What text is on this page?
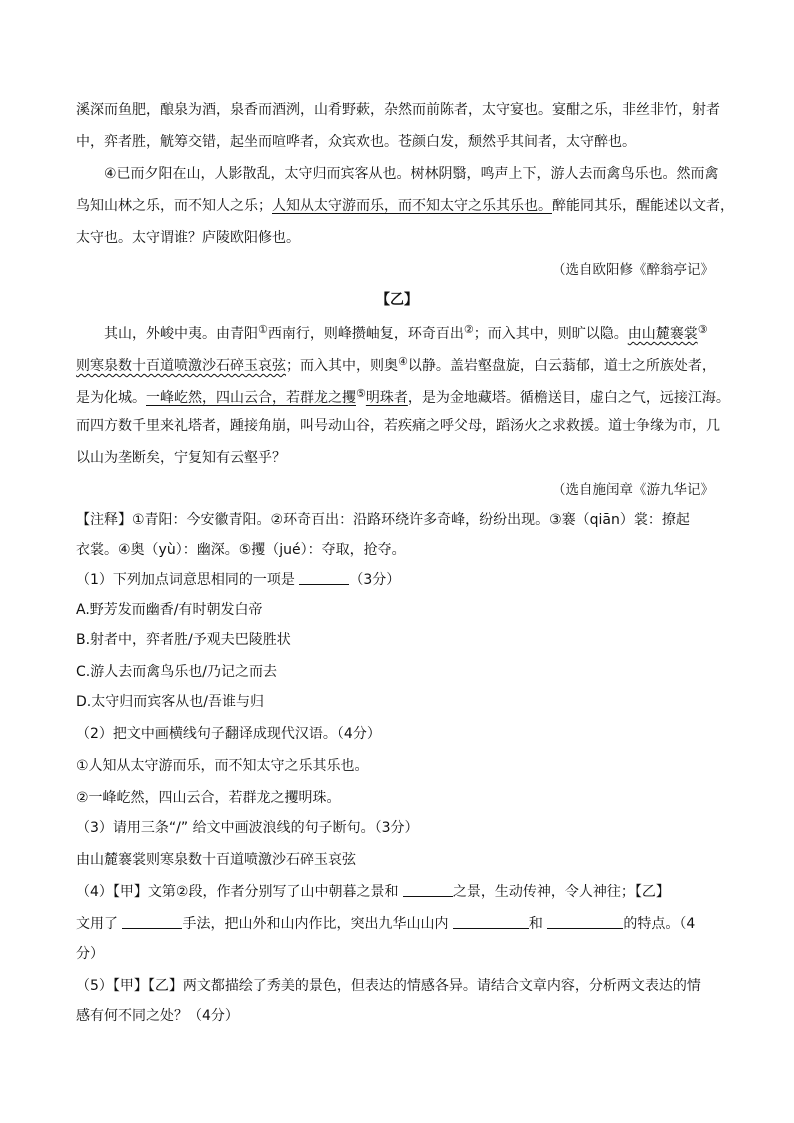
溪深而鱼肥，酿泉为酒，泉香而酒洌，山肴野蔌，杂然而前陈者，太守宴也。宴酣之乐，非丝非竹，射者
中，弈者胜，觥筹交错，起坐而喧哗者，众宾欢也。苍颜白发，颓然乎其间者，太守醉也。
④已而夕阳在山，人影散乱，太守归而宾客从也。树林阴翳，鸣声上下，游人去而禽鸟乐也。然而禽
鸟知山林之乐，而不知人之乐；人知从太守游而乐，而不知太守之乐其乐也。醉能同其乐，醒能述以文者，
太守也。太守谓谁？庐陵欧阳修也。
（选自欧阳修《醉翁亭记》
【乙】
其山，外峻中夷。由青阳①西南行，则峰攒岫复，环奇百出②；而入其中，则旷以隐。由山麓褰裳③
则寒泉数十百道喷激沙石碎玉哀弦；而入其中，则奥④以静。盖岩壑盘旋，白云蓊郁，道士之所族处者，
是为化城。一峰屹然，四山云合，若群龙之攫⑤明珠者，是为金地藏塔。循檐送目，虚白之气，远接江海。
而四方数千里来礼塔者，踵接角崩，叫号动山谷，若疾痛之呼父母，蹈汤火之求救援。道士争缘为市，几
以山为垄断矣，宁复知有云壑乎？
（选自施闰章《游九华记》
【注释】①青阳：今安徽青阳。②环奇百出：沿路环绕许多奇峰，纷纷出现。③褰（qiān）裳：撩起
衣裳。④奥（yù）：幽深。⑤攫（jué）：夺取，抢夺。
（1）下列加点词意思相同的一项是	（3分）
A.野芳发而幽香/有时朝发白帝
B.射者中，弈者胜/予观夫巴陵胜状
C.游人去而禽鸟乐也/乃记之而去
D.太守归而宾客从也/吾谁与归
（2）把文中画横线句子翻译成现代汉语。（4分）
①人知从太守游而乐，而不知太守之乐其乐也。
②一峰屹然，四山云合，若群龙之攫明珠。
（3）请用三条“/” 给文中画波浪线的句子断句。（3分）
由山麓褰裳则寒泉数十百道喷激沙石碎玉哀弦
（4）【甲】文第②段，作者分别写了山中朝暮之景和	之景，生动传神，令人神往；【乙】
文用了	手法，把山外和山内作比，突出九华山山内	和	的特点。（4
分）
（5）【甲】【乙】两文都描绘了秀美的景色，但表达的情感各异。请结合文章内容，分析两文表达的情
感有何不同之处？（4分）
